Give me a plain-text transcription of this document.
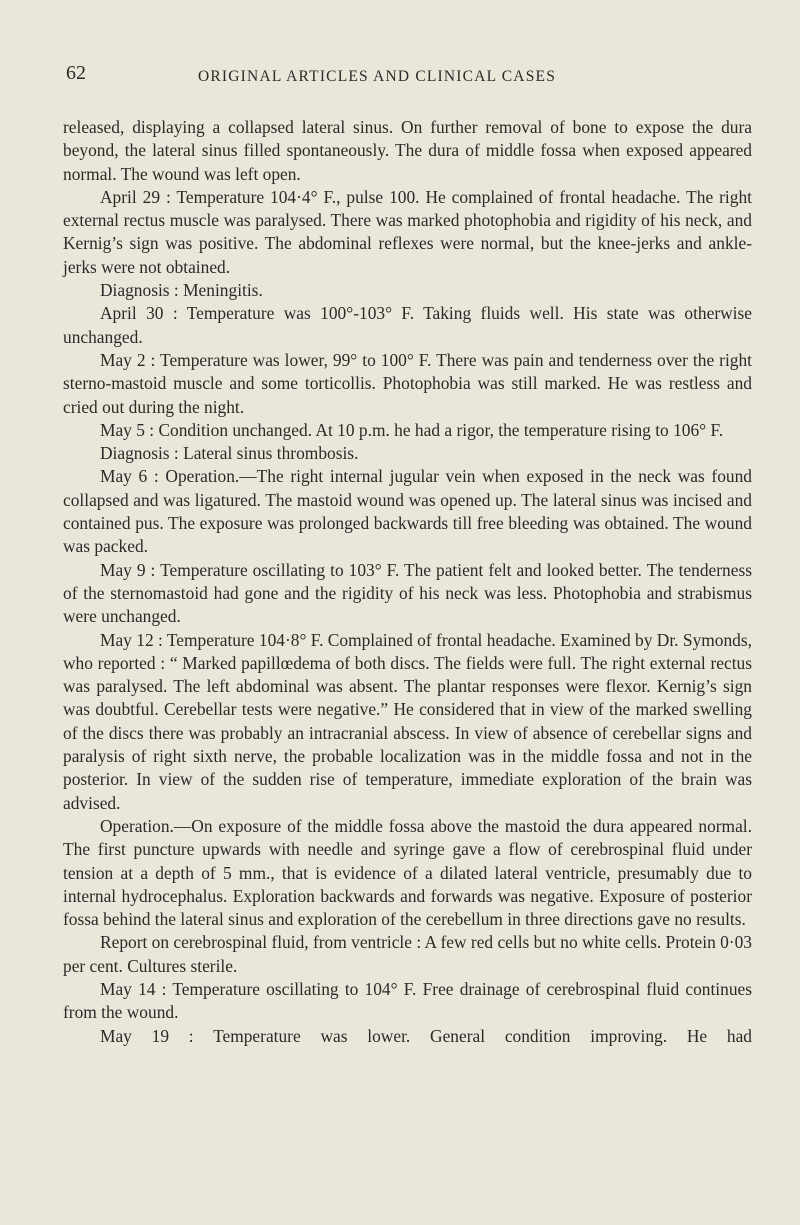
62	ORIGINAL ARTICLES AND CLINICAL CASES

released, displaying a collapsed lateral sinus. On further removal of bone to expose the dura beyond, the lateral sinus filled spontaneously. The dura of middle fossa when exposed appeared normal. The wound was left open.

April 29 : Temperature 104·4° F., pulse 100. He complained of frontal headache. The right external rectus muscle was paralysed. There was marked photophobia and rigidity of his neck, and Kernig’s sign was positive. The abdominal reflexes were normal, but the knee-jerks and ankle-jerks were not obtained.

Diagnosis : Meningitis.

April 30 : Temperature was 100°-103° F. Taking fluids well. His state was otherwise unchanged.

May 2 : Temperature was lower, 99° to 100° F. There was pain and tenderness over the right sterno-mastoid muscle and some torticollis. Photophobia was still marked. He was restless and cried out during the night.

May 5 : Condition unchanged. At 10 p.m. he had a rigor, the temperature rising to 106° F.

Diagnosis : Lateral sinus thrombosis.

May 6 : Operation.—The right internal jugular vein when exposed in the neck was found collapsed and was ligatured. The mastoid wound was opened up. The lateral sinus was incised and contained pus. The exposure was prolonged backwards till free bleeding was obtained. The wound was packed.

May 9 : Temperature oscillating to 103° F. The patient felt and looked better. The tenderness of the sternomastoid had gone and the rigidity of his neck was less. Photophobia and strabismus were unchanged.

May 12 : Temperature 104·8° F. Complained of frontal headache. Examined by Dr. Symonds, who reported : “ Marked papillœdema of both discs. The fields were full. The right external rectus was paralysed. The left abdominal was absent. The plantar responses were flexor. Kernig’s sign was doubtful. Cerebellar tests were negative.” He considered that in view of the marked swelling of the discs there was probably an intracranial abscess. In view of absence of cerebellar signs and paralysis of right sixth nerve, the probable localization was in the middle fossa and not in the posterior. In view of the sudden rise of temperature, immediate exploration of the brain was advised.

Operation.—On exposure of the middle fossa above the mastoid the dura appeared normal. The first puncture upwards with needle and syringe gave a flow of cerebrospinal fluid under tension at a depth of 5 mm., that is evidence of a dilated lateral ventricle, presumably due to internal hydrocephalus. Exploration backwards and forwards was negative. Exposure of posterior fossa behind the lateral sinus and exploration of the cerebellum in three directions gave no results.

Report on cerebrospinal fluid, from ventricle : A few red cells but no white cells. Protein 0·03 per cent. Cultures sterile.

May 14 : Temperature oscillating to 104° F. Free drainage of cerebrospinal fluid continues from the wound.

May 19 : Temperature was lower. General condition improving. He had
